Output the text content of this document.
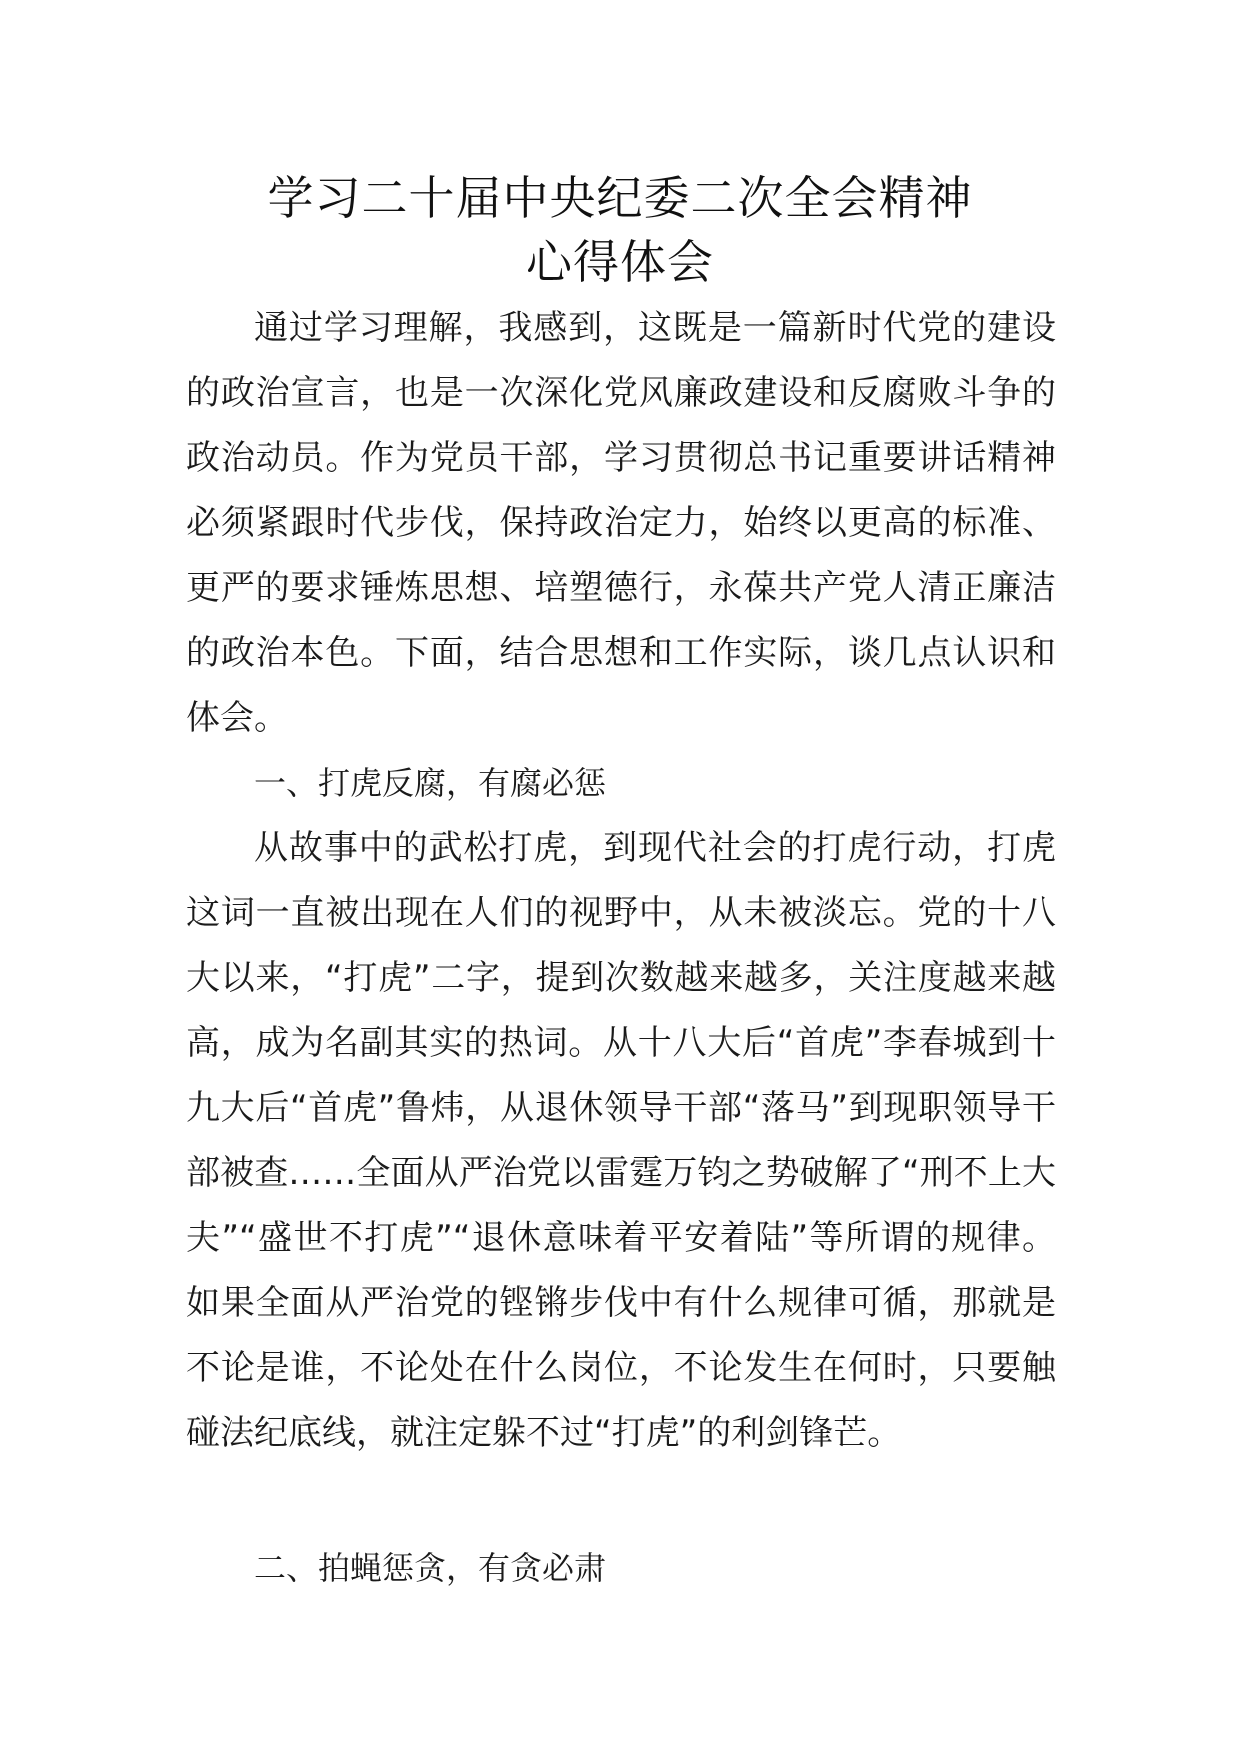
学习二十届中央纪委二次全会精神
心得体会

通过学习理解，我感到，这既是一篇新时代党的建设的政治宣言，也是一次深化党风廉政建设和反腐败斗争的政治动员。作为党员干部，学习贯彻总书记重要讲话精神必须紧跟时代步伐，保持政治定力，始终以更高的标准、更严的要求锤炼思想、培塑德行，永葆共产党人清正廉洁的政治本色。下面，结合思想和工作实际，谈几点认识和体会。

一、打虎反腐，有腐必惩

从故事中的武松打虎，到现代社会的打虎行动，打虎这词一直被出现在人们的视野中，从未被淡忘。党的十八大以来，“打虎”二字，提到次数越来越多，关注度越来越高，成为名副其实的热词。从十八大后“首虎”李春城到十九大后“首虎”鲁炜，从退休领导干部“落马”到现职领导干部被查……全面从严治党以雷霆万钧之势破解了“刑不上大夫”“盛世不打虎”“退休意味着平安着陆”等所谓的规律。如果全面从严治党的铿锵步伐中有什么规律可循，那就是不论是谁，不论处在什么岗位，不论发生在何时，只要触碰法纪底线，就注定躲不过“打虎”的利剑锋芒。

二、拍蝇惩贪，有贪必肃
